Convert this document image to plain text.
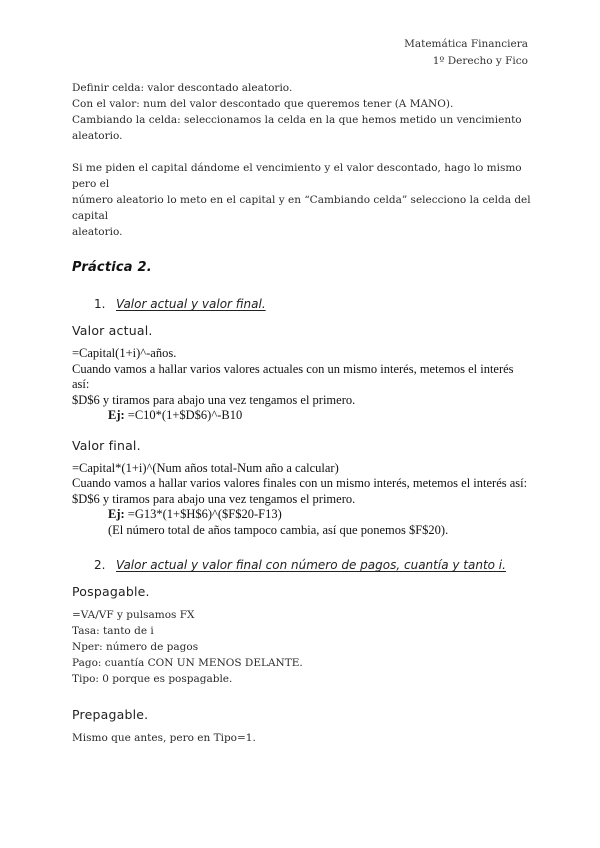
Matemática Financiera
1º Derecho y Fico

Definir celda: valor descontado aleatorio.

Con el valor: num del valor descontado que queremos tener (A MANO).

Cambiando la celda: seleccionamos la celda en la que hemos metido un vencimiento

aleatorio.

Si me piden el capital dándome el vencimiento y el valor descontado, hago lo mismo pero el

número aleatorio lo meto en el capital y en “Cambiando celda” selecciono la celda del capital

aleatorio.

Práctica 2.

1. Valor actual y valor final.

Valor actual.

=Capital(1+i)^-años.

Cuando vamos a hallar varios valores actuales con un mismo interés, metemos el interés así:

$D$6 y tiramos para abajo una vez tengamos el primero.

Ej: =C10*(1+$D$6)^-B10

Valor final.

=Capital*(1+i)^(Num años total-Num año a calcular)

Cuando vamos a hallar varios valores finales con un mismo interés, metemos el interés así:

$D$6 y tiramos para abajo una vez tengamos el primero.

Ej: =G13*(1+$H$6)^($F$20-F13)

(El número total de años tampoco cambia, así que ponemos $F$20).

2. Valor actual y valor final con número de pagos, cuantía y tanto i.

Pospagable.

=VA/VF y pulsamos FX

Tasa: tanto de i

Nper: número de pagos

Pago: cuantía CON UN MENOS DELANTE.

Tipo: 0 porque es pospagable.

Prepagable.

Mismo que antes, pero en Tipo=1.
